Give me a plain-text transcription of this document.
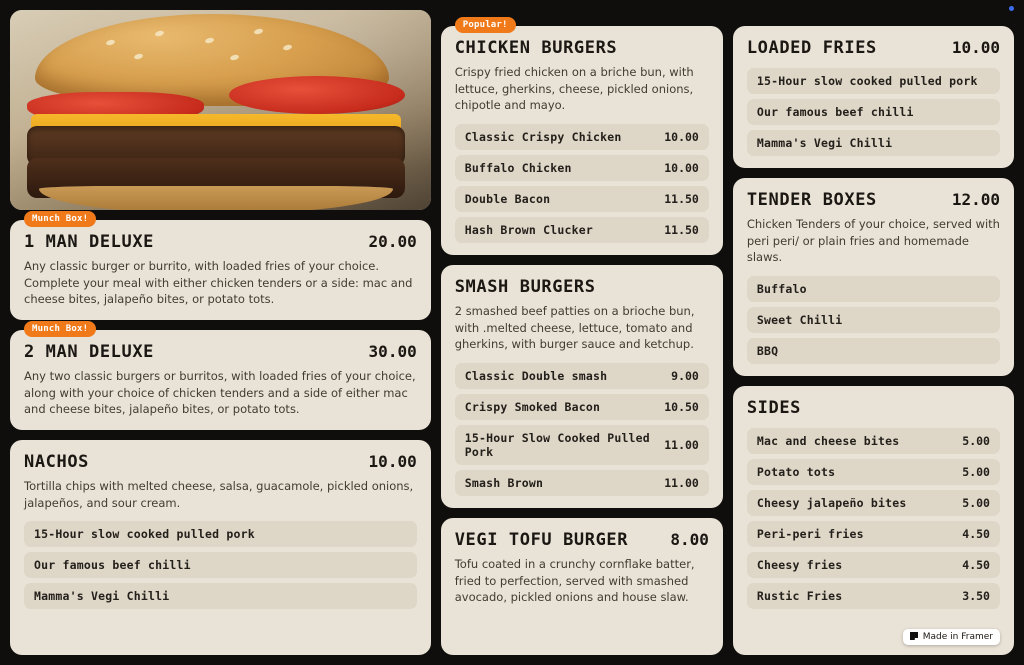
Munch Box!
1 MAN DELUXE	20.00
Any classic burger or burrito, with loaded fries of your choice. Complete your meal with either chicken tenders or a side: mac and cheese bites, jalapeño bites, or potato tots.
Munch Box!
2 MAN DELUXE	30.00
Any two classic burgers or burritos, with loaded fries of your choice, along with your choice of chicken tenders and a side of either mac and cheese bites, jalapeño bites, or potato tots.
NACHOS	10.00
Tortilla chips with melted cheese, salsa, guacamole, pickled onions, jalapeños, and sour cream.
15-Hour slow cooked pulled pork
Our famous beef chilli
Mamma's Vegi Chilli
Popular!
CHICKEN BURGERS
Crispy fried chicken on a briche bun, with lettuce, gherkins, cheese, pickled onions, chipotle and mayo.
Classic Crispy Chicken	10.00
Buffalo Chicken	10.00
Double Bacon	11.50
Hash Brown Clucker	11.50
SMASH BURGERS
2 smashed beef patties on a brioche bun, with .melted cheese, lettuce, tomato and gherkins, with burger sauce and ketchup.
Classic Double smash	9.00
Crispy Smoked Bacon	10.50
15-Hour Slow Cooked Pulled Pork	11.00
Smash Brown	11.00
VEGI TOFU BURGER	8.00
Tofu coated in a crunchy cornflake batter, fried to perfection, served with smashed avocado, pickled onions and house slaw.
LOADED FRIES	10.00
15-Hour slow cooked pulled pork
Our famous beef chilli
Mamma's Vegi Chilli
TENDER BOXES	12.00
Chicken Tenders of your choice, served with peri peri/ or plain fries and homemade slaws.
Buffalo
Sweet Chilli
BBQ
SIDES
Mac and cheese bites	5.00
Potato tots	5.00
Cheesy jalapeño bites	5.00
Peri-peri fries	4.50
Cheesy fries	4.50
Rustic Fries	3.50
Made in Framer
